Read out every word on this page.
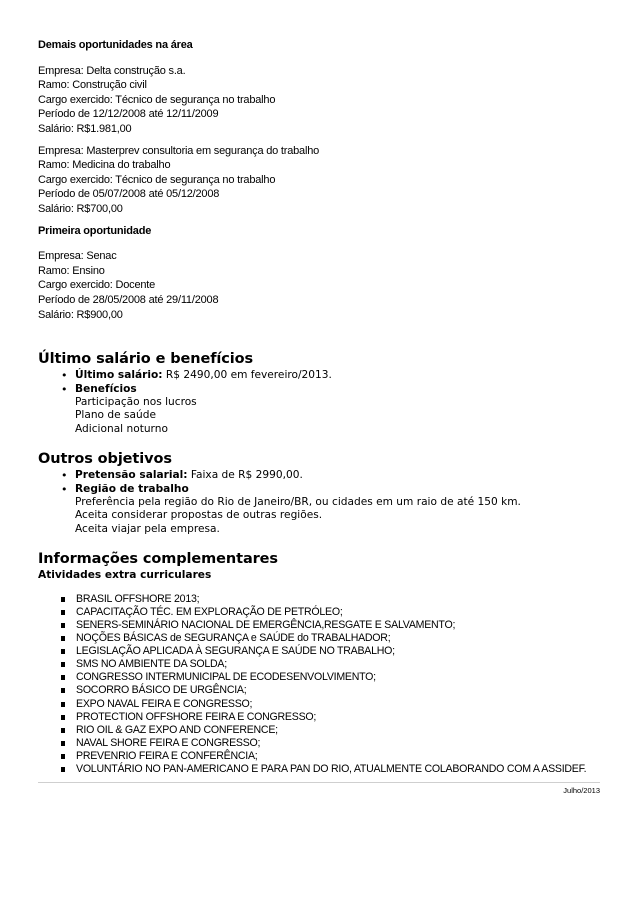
Demais oportunidades na área

Empresa: Delta construção s.a.

Ramo: Construção civil

Cargo exercido: Técnico de segurança no trabalho

Período de 12/12/2008 até 12/11/2009

Salário: R$1.981,00

Empresa: Masterprev consultoria em segurança do trabalho

Ramo: Medicina do trabalho

Cargo exercido: Técnico de segurança no trabalho

Período de 05/07/2008 até 05/12/2008

Salário: R$700,00

Primeira oportunidade

Empresa: Senac

Ramo: Ensino

Cargo exercido: Docente

Período de 28/05/2008 até 29/11/2008

Salário: R$900,00

Último salário e benefícios
• Último salário: R$ 2490,00 em fevereiro/2013.
• Benefícios
Participação nos lucros
Plano de saúde
Adicional noturno
Outros objetivos
• Pretensão salarial: Faixa de R$ 2990,00.
• Região de trabalho
Preferência pela região do Rio de Janeiro/BR, ou cidades em um raio de até 150 km.
Aceita considerar propostas de outras regiões.
Aceita viajar pela empresa.
Informações complementares

Atividades extra curriculares

BRASIL OFFSHORE 2013;
CAPACITAÇÃO TÉC. EM EXPLORAÇÃO DE PETRÓLEO;
SENERS-SEMINÁRIO NACIONAL DE EMERGÊNCIA,RESGATE E SALVAMENTO;
NOÇÕES BÁSICAS de SEGURANÇA e SAÚDE do TRABALHADOR;
LEGISLAÇÃO APLICADA À SEGURANÇA E SAÚDE NO TRABALHO;
SMS NO AMBIENTE DA SOLDA;
CONGRESSO INTERMUNICIPAL DE ECODESENVOLVIMENTO;
SOCORRO BÁSICO DE URGÊNCIA;
EXPO NAVAL FEIRA E CONGRESSO;
PROTECTION OFFSHORE FEIRA E CONGRESSO;
RIO OIL & GAZ EXPO AND CONFERENCE;
NAVAL SHORE FEIRA E CONGRESSO;
PREVENRIO FEIRA E CONFERÊNCIA;
VOLUNTÁRIO NO PAN-AMERICANO E PARA PAN DO RIO, ATUALMENTE COLABORANDO COM A ASSIDEF.
Julho/2013
